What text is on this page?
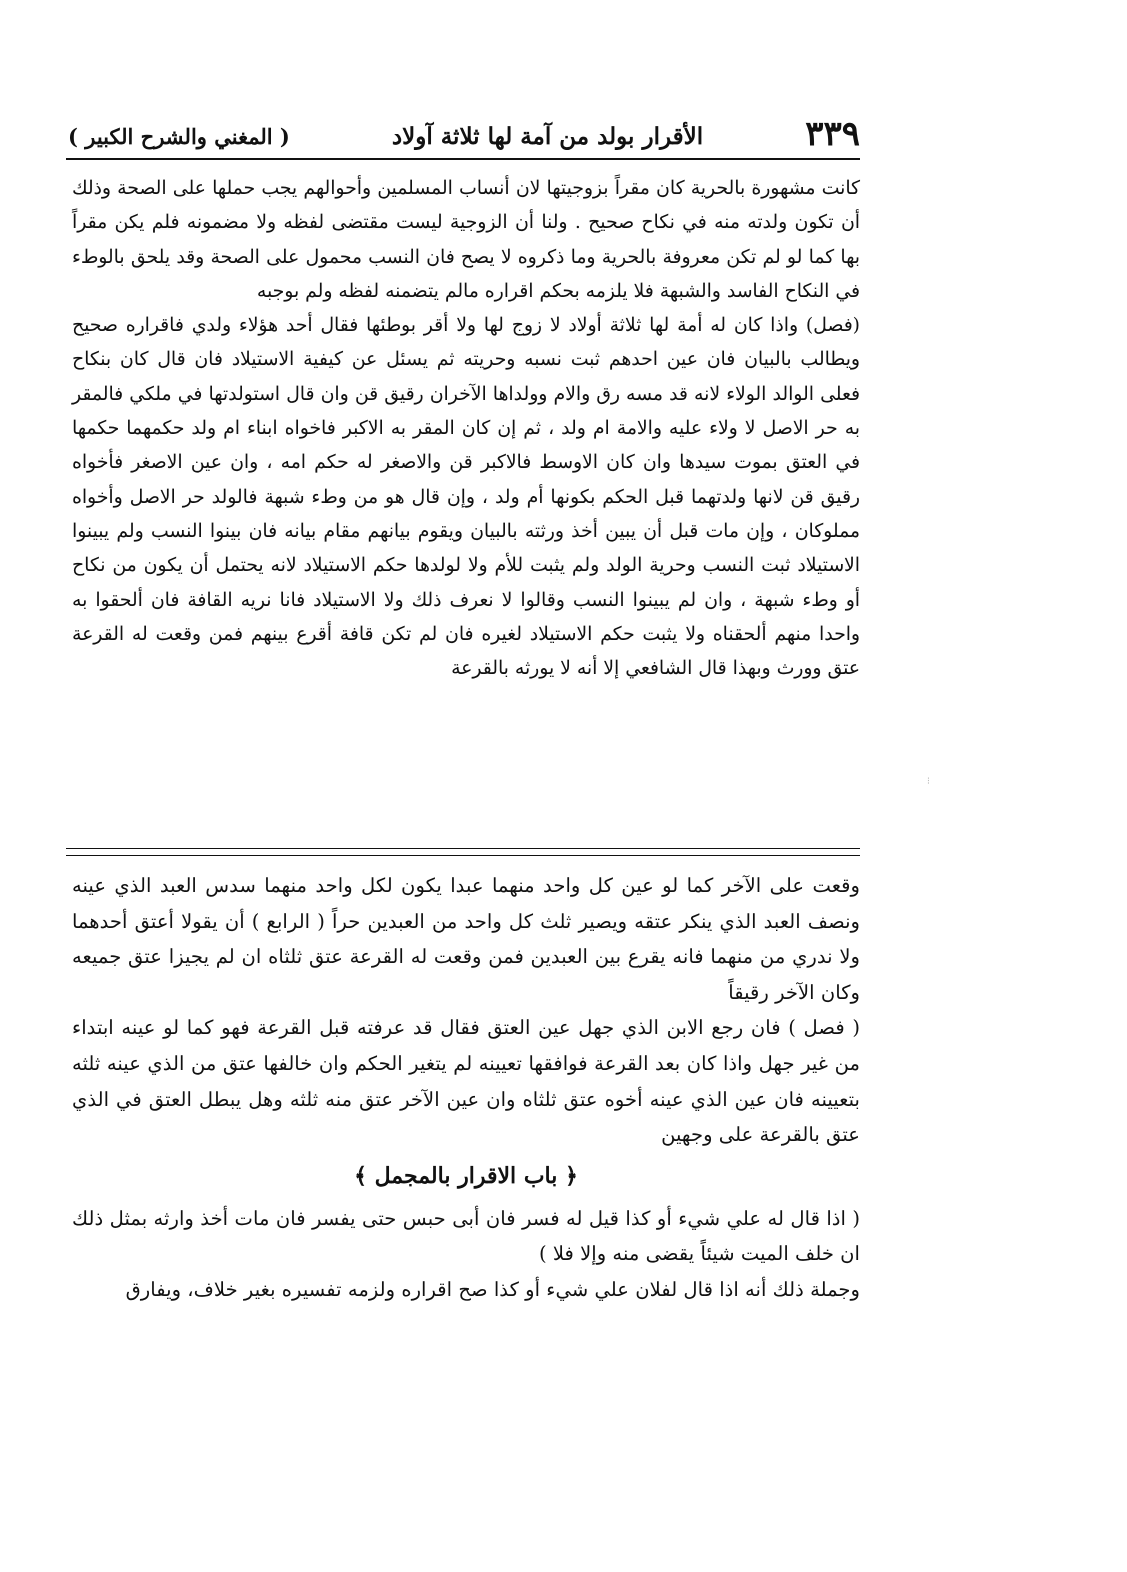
٣٣٩
الأقرار بولد من آمة لها ثلاثة آولاد
( المغني والشرح الكبير )

كانت مشهورة بالحرية كان مقراً بزوجيتها لان أنساب المسلمين وأحوالهم يجب حملها على الصحة وذلك أن تكون ولدته منه في نكاح صحيح . ولنا أن الزوجية ليست مقتضى لفظه ولا مضمونه فلم يكن مقراً بها كما لو لم تكن معروفة بالحرية وما ذكروه لا يصح فان النسب محمول على الصحة وقد يلحق بالوطء في النكاح الفاسد والشبهة فلا يلزمه بحكم اقراره مالم يتضمنه لفظه ولم بوجبه

(فصل) واذا كان له أمة لها ثلاثة أولاد لا زوج لها ولا أقر بوطئها فقال أحد هؤلاء ولدي فاقراره صحيح ويطالب بالبيان فان عين احدهم ثبت نسبه وحريته ثم يسئل عن كيفية الاستيلاد فان قال كان بنكاح فعلى الوالد الولاء لانه قد مسه رق والام وولداها الآخران رقيق قن وان قال استولدتها في ملكي فالمقر به حر الاصل لا ولاء عليه والامة ام ولد ، ثم إن كان المقر به الاكبر فاخواه ابناء ام ولد حكمهما حكمها في العتق بموت سيدها وان كان الاوسط فالاكبر قن والاصغر له حكم امه ، وان عين الاصغر فأخواه رقيق قن لانها ولدتهما قبل الحكم بكونها أم ولد ، وإن قال هو من وطء شبهة فالولد حر الاصل وأخواه مملوكان ، وإن مات قبل أن يبين أخذ ورثته بالبيان ويقوم بيانهم مقام بيانه فان بينوا النسب ولم يبينوا الاستيلاد ثبت النسب وحرية الولد ولم يثبت للأم ولا لولدها حكم الاستيلاد لانه يحتمل أن يكون من نكاح أو وطء شبهة ، وان لم يبينوا النسب وقالوا لا نعرف ذلك ولا الاستيلاد فانا نريه القافة فان ألحقوا به واحدا منهم ألحقناه ولا يثبت حكم الاستيلاد لغيره فان لم تكن قافة أقرع بينهم فمن وقعت له القرعة عتق وورث وبهذا قال الشافعي إلا أنه لا يورثه بالقرعة

وقعت على الآخر كما لو عين كل واحد منهما عبدا يكون لكل واحد منهما سدس العبد الذي عينه ونصف العبد الذي ينكر عتقه ويصير ثلث كل واحد من العبدين حراً ( الرابع ) أن يقولا أعتق أحدهما ولا ندري من منهما فانه يقرع بين العبدين فمن وقعت له القرعة عتق ثلثاه ان لم يجيزا عتق جميعه وكان الآخر رقيقاً

( فصل ) فان رجع الابن الذي جهل عين العتق فقال قد عرفته قبل القرعة فهو كما لو عينه ابتداء من غير جهل واذا كان بعد القرعة فوافقها تعيينه لم يتغير الحكم وان خالفها عتق من الذي عينه ثلثه بتعيينه فان عين الذي عينه أخوه عتق ثلثاه وان عين الآخر عتق منه ثلثه وهل يبطل العتق في الذي عتق بالقرعة على وجهين

﴿ باب الاقرار بالمجمل ﴾

( اذا قال له علي شيء أو كذا قيل له فسر فان أبى حبس حتى يفسر فان مات أخذ وارثه بمثل ذلك ان خلف الميت شيئاً يقضى منه وإلا فلا )

وجملة ذلك أنه اذا قال لفلان علي شيء أو كذا صح اقراره ولزمه تفسيره بغير خلاف، ويفارق

⁝
